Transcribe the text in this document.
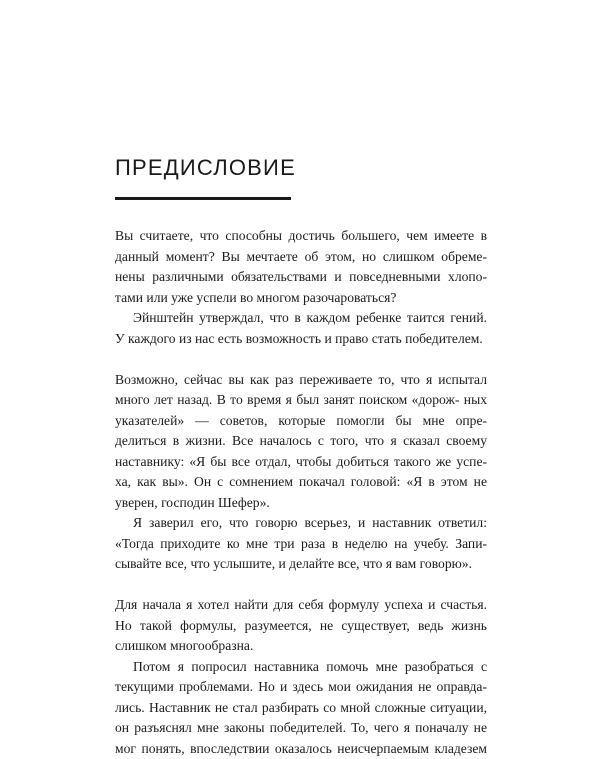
ПРЕДИСЛОВИЕ

Вы считаете, что способны достичь большего, чем имеете в данный момент? Вы мечтаете об этом, но слишком обреме- нены различными обязательствами и повседневными хлопо-

тами или уже успели во многом разочароваться?

Эйнштейн утверждал, что в каждом ребенке таится гений.

У каждого из нас есть возможность и право стать победителем.

Возможно, сейчас вы как раз переживаете то, что я испытал много лет назад. В то время я был занят поиском «дорож- ных указателей» — советов, которые помогли бы мне опре- делиться в жизни. Все началось с того, что я сказал своему наставнику: «Я бы все отдал, чтобы добиться такого же успе- ха, как вы». Он с сомнением покачал головой: «Я в этом не

уверен, господин Шефер».

Я заверил его, что говорю всерьез, и наставник ответил: «Тогда приходите ко мне три раза в неделю на учебу. Запи-

сывайте все, что услышите, и делайте все, что я вам говорю».

Для начала я хотел найти для себя формулу успеха и счастья. Но такой формулы, разумеется, не существует, ведь жизнь

слишком многообразна.

Потом я попросил наставника помочь мне разобраться с текущими проблемами. Но и здесь мои ожидания не оправда- лись. Наставник не стал разбирать со мной сложные ситуации, он разъяснял мне законы победителей. То, чего я поначалу не мог понять, впоследствии оказалось неисчерпаемым кладезем
